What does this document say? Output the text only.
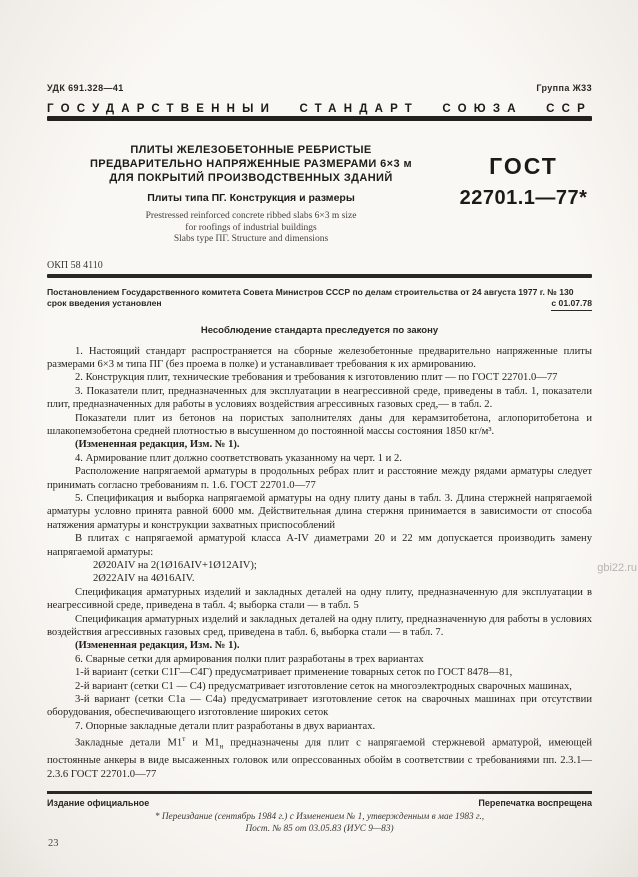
УДК 691.328—41	Группа Ж33
ГОСУДАРСТВЕННЫЙ СТАНДАРТ СОЮЗА ССР
ПЛИТЫ ЖЕЛЕЗОБЕТОННЫЕ РЕБРИСТЫЕ
ПРЕДВАРИТЕЛЬНО НАПРЯЖЕННЫЕ РАЗМЕРАМИ 6×3 м
ДЛЯ ПОКРЫТИЙ ПРОИЗВОДСТВЕННЫХ ЗДАНИЙ
Плиты типа ПГ. Конструкция и размеры
Prestressed reinforced concrete ribbed slabs 6×3 m size
for roofings of industrial buildings
Slabs type ПГ. Structure and dimensions
ГОСТ
22701.1—77*
ОКП 58 4110
Постановлением Государственного комитета Совета Министров СССР по делам строительства от 24 августа 1977 г. № 130
срок введения установлен	с 01.07.78
Несоблюдение стандарта преследуется по закону

1. Настоящий стандарт распространяется на сборные железобетонные предварительно напряженные плиты размерами 6×3 м типа ПГ (без проема в полке) и устанавливает требования к их армированию.

2. Конструкция плит, технические требования и требования к изготовлению плит — по ГОСТ 22701.0—77

3. Показатели плит, предназначенных для эксплуатации в неагрессивной среде, приведены в табл. 1, показатели плит, предназначенных для работы в условиях воздействия агрессивных газовых сред,— в табл. 2.

Показатели плит из бетонов на пористых заполнителях даны для керамзитобетона, аглопоритобетона и шлакопемзобетона средней плотностью в высушенном до постоянной массы состояния 1850 кг/м³.

(Измененная редакция, Изм. № 1).

4. Армирование плит должно соответствовать указанному на черт. 1 и 2.

Расположение напрягаемой арматуры в продольных ребрах плит и расстояние между рядами арматуры следует принимать согласно требованиям п. 1.6. ГОСТ 22701.0—77

5. Спецификация и выборка напрягаемой арматуры на одну плиту даны в табл. 3. Длина стержней напрягаемой арматуры условно принята равной 6000 мм. Действительная длина стержня принимается в зависимости от способа натяжения арматуры и конструкции захватных приспособлений

В плитах с напрягаемой арматурой класса А-IV диаметрами 20 и 22 мм допускается производить замену напрягаемой арматуры:

2Ø20АIV на 2(1Ø16АIV+1Ø12АIV);

2Ø22АIV на 4Ø16АIV.

Спецификация арматурных изделий и закладных деталей на одну плиту, предназначенную для эксплуатации в неагрессивной среде, приведена в табл. 4; выборка стали — в табл. 5

Спецификация арматурных изделий и закладных деталей на одну плиту, предназначенную для работы в условиях воздействия агрессивных газовых сред, приведена в табл. 6, выборка стали — в табл. 7.

(Измененная редакция, Изм. № 1).

6. Сварные сетки для армирования полки плит разработаны в трех вариантах

1-й вариант (сетки С1Г—С4Г) предусматривает применение товарных сеток по ГОСТ 8478—81,

2-й вариант (сетки С1 — С4) предусматривает изготовление сеток на многоэлектродных сварочных машинах,

3-й вариант (сетки С1а — С4а) предусматривает изготовление сеток на сварочных машинах при отсутствии оборудования, обеспечивающего изготовление широких сеток

7. Опорные закладные детали плит разработаны в двух вариантах.

Закладные детали $М1^т$ и $М1_н$ предназначены для плит с напрягаемой стержневой арматурой, имеющей постоянные анкеры в виде высаженных головок или опрессованных обойм в соответствии с требованиями пп. 2.3.1—2.3.6 ГОСТ 22701.0—77

Издание официальное	Перепечатка воспрещена
* Переиздание (сентябрь 1984 г.) с Изменением № 1, утвержденным в мае 1983 г.,
Пост. № 85 от 03.05.83 (ИУС 9—83)
23
gbi22.ru
